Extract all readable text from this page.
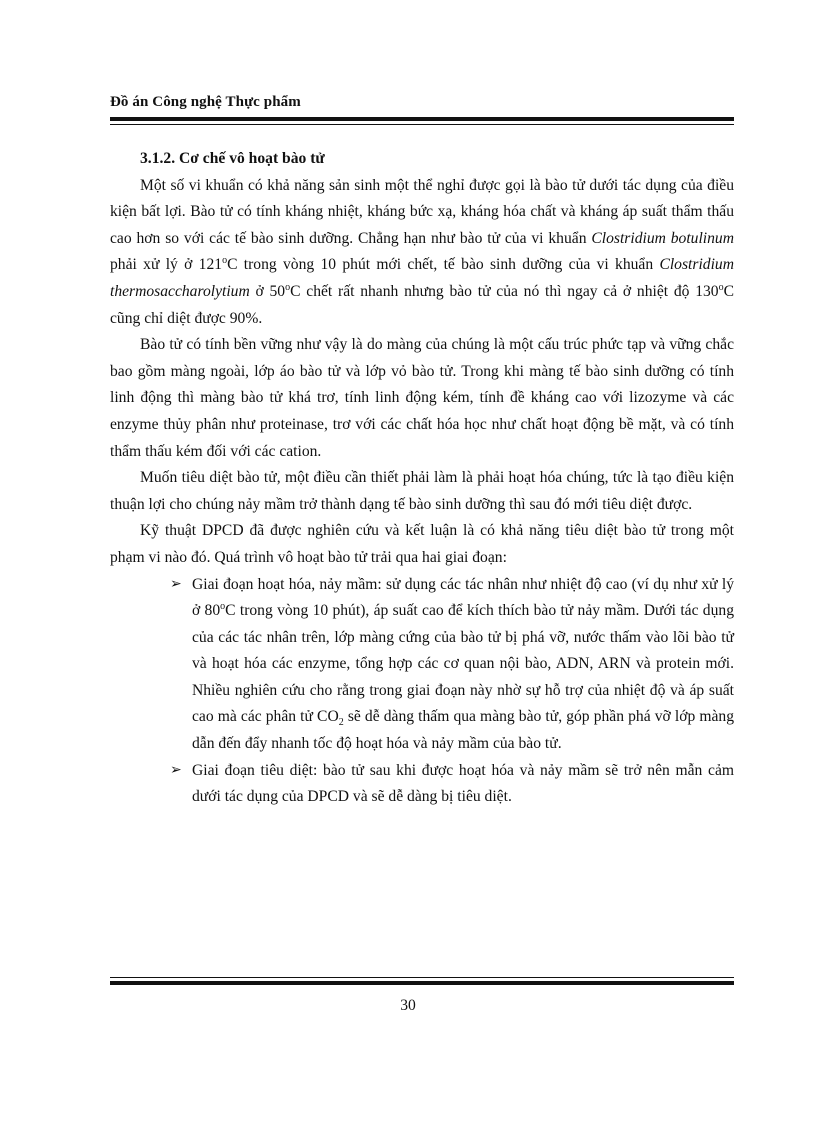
Đồ án Công nghệ Thực phẩm
3.1.2. Cơ chế vô hoạt bào tử

Một số vi khuẩn có khả năng sản sinh một thể nghỉ được gọi là bào tử dưới tác dụng của điều kiện bất lợi. Bào tử có tính kháng nhiệt, kháng bức xạ, kháng hóa chất và kháng áp suất thẩm thấu cao hơn so với các tế bào sinh dưỡng. Chẳng hạn như bào tử của vi khuẩn Clostridium botulinum phải xử lý ở 121$^o$C trong vòng 10 phút mới chết, tế bào sinh dưỡng của vi khuẩn Clostridium thermosaccharolytium ở 50$^o$C chết rất nhanh nhưng bào tử của nó thì ngay cả ở nhiệt độ 130$^o$C cũng chỉ diệt được 90%.

Bào tử có tính bền vững như vậy là do màng của chúng là một cấu trúc phức tạp và vững chắc bao gồm màng ngoài, lớp áo bào tử và lớp vỏ bào tử. Trong khi màng tế bào sinh dưỡng có tính linh động thì màng bào tử khá trơ, tính linh động kém, tính đề kháng cao với lizozyme và các enzyme thủy phân như proteinase, trơ với các chất hóa học như chất hoạt động bề mặt, và có tính thẩm thấu kém đối với các cation.

Muốn tiêu diệt bào tử, một điều cần thiết phải làm là phải hoạt hóa chúng, tức là tạo điều kiện thuận lợi cho chúng nảy mầm trở thành dạng tế bào sinh dưỡng thì sau đó mới tiêu diệt được.

Kỹ thuật DPCD đã được nghiên cứu và kết luận là có khả năng tiêu diệt bào tử trong một phạm vi nào đó. Quá trình vô hoạt bào tử trải qua hai giai đoạn:

➢ Giai đoạn hoạt hóa, nảy mầm: sử dụng các tác nhân như nhiệt độ cao (ví dụ như xử lý ở 80$^o$C trong vòng 10 phút), áp suất cao để kích thích bào tử nảy mầm. Dưới tác dụng của các tác nhân trên, lớp màng cứng của bào tử bị phá vỡ, nước thấm vào lõi bào tử và hoạt hóa các enzyme, tổng hợp các cơ quan nội bào, ADN, ARN và protein mới. Nhiều nghiên cứu cho rằng trong giai đoạn này nhờ sự hỗ trợ của nhiệt độ và áp suất cao mà các phân tử $CO_2$ sẽ dễ dàng thấm qua màng bào tử, góp phần phá vỡ lớp màng dẫn đến đẩy nhanh tốc độ hoạt hóa và nảy mầm của bào tử.
➢ Giai đoạn tiêu diệt: bào tử sau khi được hoạt hóa và nảy mầm sẽ trở nên mẫn cảm dưới tác dụng của DPCD và sẽ dễ dàng bị tiêu diệt.
30
